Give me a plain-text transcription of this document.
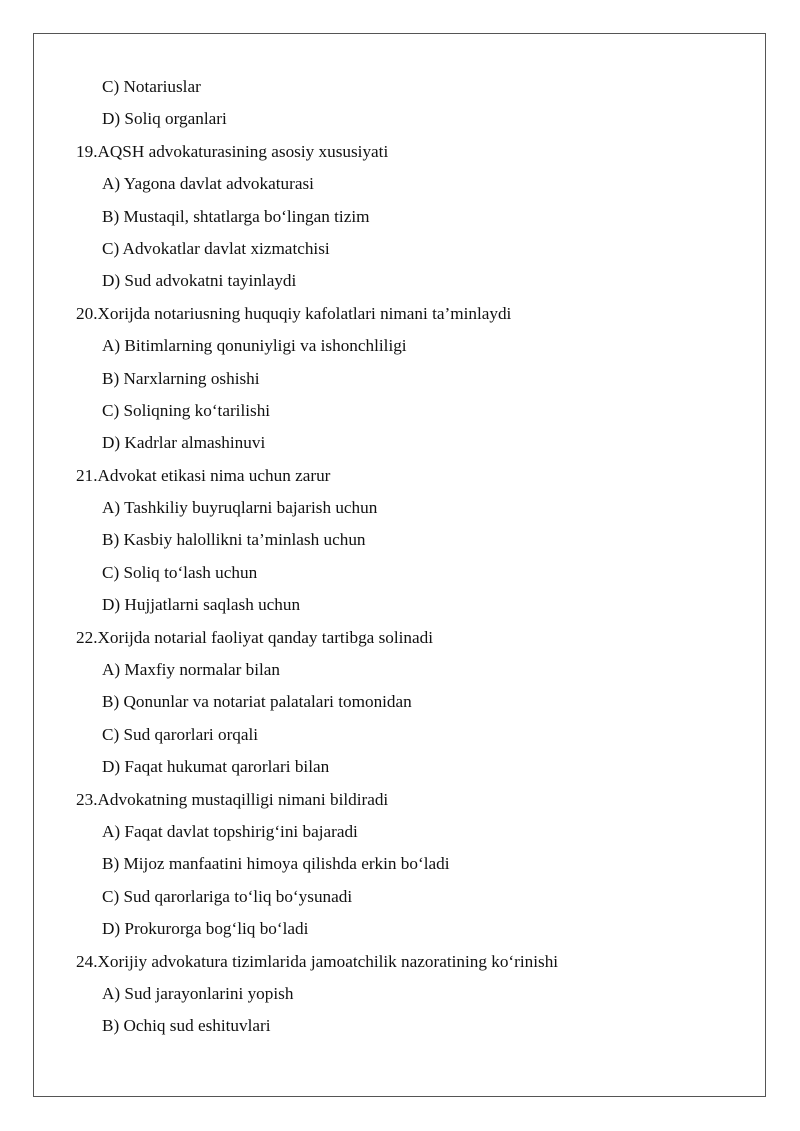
C) Notariuslar
D) Soliq organlari
19.AQSH advokaturasining asosiy xususiyati
A) Yagona davlat advokaturasi
B) Mustaqil, shtatlarga bo‘lingan tizim
C) Advokatlar davlat xizmatchisi
D) Sud advokatni tayinlaydi
20.Xorijda notariusning huquqiy kafolatlari nimani ta’minlaydi
A) Bitimlarning qonuniyligi va ishonchliligi
B) Narxlarning oshishi
C) Soliqning ko‘tarilishi
D) Kadrlar almashinuvi
21.Advokat etikasi nima uchun zarur
A) Tashkiliy buyruqlarni bajarish uchun
B) Kasbiy halollikni ta’minlash uchun
C) Soliq to‘lash uchun
D) Hujjatlarni saqlash uchun
22.Xorijda notarial faoliyat qanday tartibga solinadi
A) Maxfiy normalar bilan
B) Qonunlar va notariat palatalari tomonidan
C) Sud qarorlari orqali
D) Faqat hukumat qarorlari bilan
23.Advokatning mustaqilligi nimani bildiradi
A) Faqat davlat topshirig‘ini bajaradi
B) Mijoz manfaatini himoya qilishda erkin bo‘ladi
C) Sud qarorlariga to‘liq bo‘ysunadi
D) Prokurorga bog‘liq bo‘ladi
24.Xorijiy advokatura tizimlarida jamoatchilik nazoratining ko‘rinishi
A) Sud jarayonlarini yopish
B) Ochiq sud eshituvlari
